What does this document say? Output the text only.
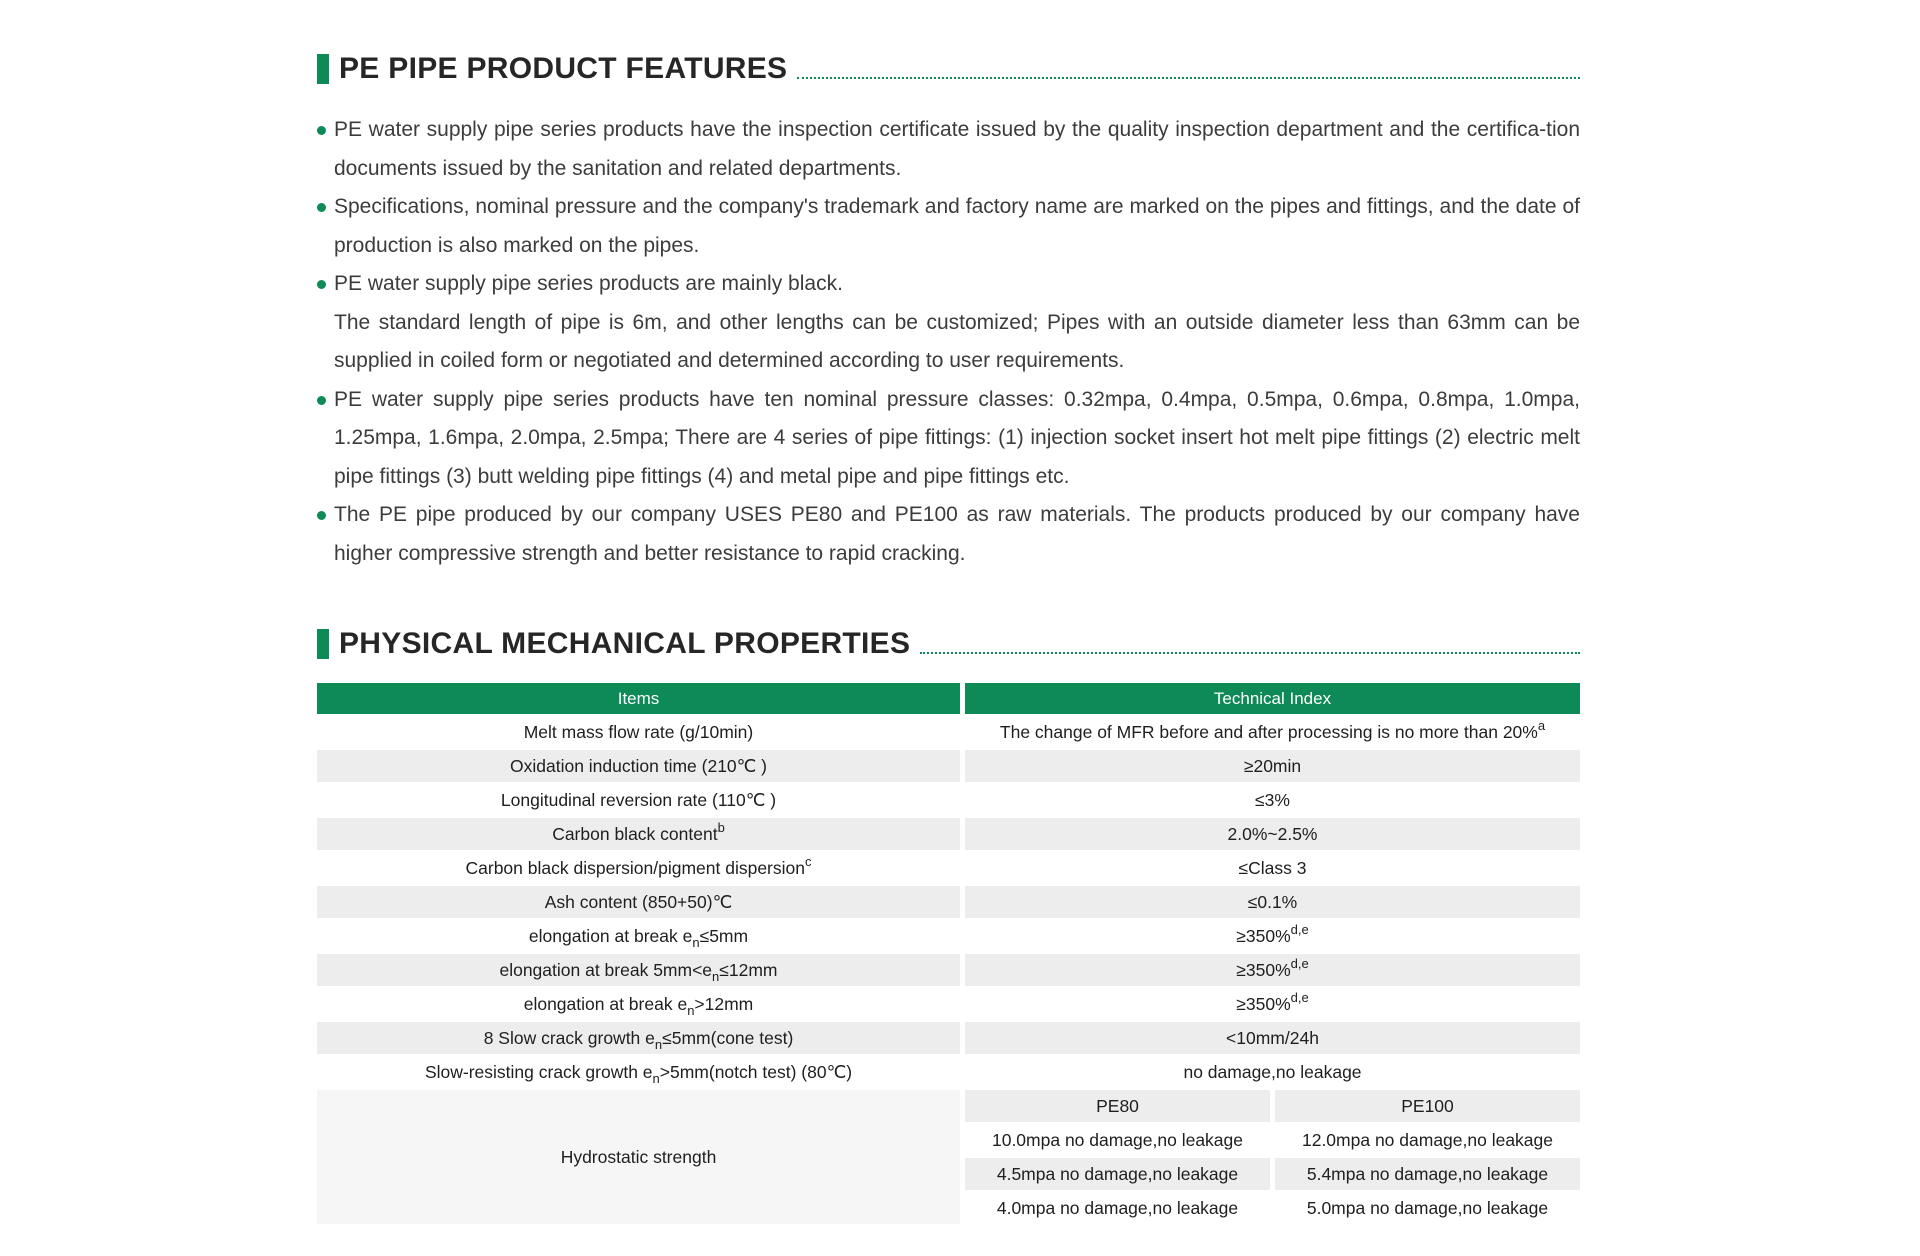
PE PIPE PRODUCT FEATURES

PE water supply pipe series products have the inspection certificate issued by the quality inspection department and the certifica-tion documents issued by the sanitation and related departments.

Specifications, nominal pressure and the company's trademark and factory name are marked on the pipes and fittings, and the date of production is also marked on the pipes.

PE water supply pipe series products are mainly black.

The standard length of pipe is 6m, and other lengths can be customized; Pipes with an outside diameter less than 63mm can be supplied in coiled form or negotiated and determined according to user requirements.

PE water supply pipe series products have ten nominal pressure classes: 0.32mpa, 0.4mpa, 0.5mpa, 0.6mpa, 0.8mpa, 1.0mpa, 1.25mpa, 1.6mpa, 2.0mpa, 2.5mpa; There are 4 series of pipe fittings: (1) injection socket insert hot melt pipe fittings (2) electric melt pipe fittings (3) butt welding pipe fittings (4) and metal pipe and pipe fittings etc.

The PE pipe produced by our company USES PE80 and PE100 as raw materials. The products produced by our company have higher compressive strength and better resistance to rapid cracking.

PHYSICAL MECHANICAL PROPERTIES
Items	Technical Index
Melt mass flow rate (g/10min)	The change of MFR before and after processing is no more than 20% a
Oxidation induction time (210℃ )	≥20min
Longitudinal reversion rate (110℃ )	≤3%
Carbon black content b	2.0%~2.5%
Carbon black dispersion/pigment dispersion c	≤Class 3
Ash content (850+50)℃	≤0.1%
elongation at break e n ≤5mm	≥350% d,e
elongation at break 5mm<e n ≤12mm	≥350% d,e
elongation at break e n >12mm	≥350% d,e
8 Slow crack growth e n ≤5mm(cone test)	<10mm/24h
Slow-resisting crack growth e n >5mm(notch test) (80℃)	no damage,no leakage
Hydrostatic strength
PE80	PE100
10.0mpa no damage,no leakage	12.0mpa no damage,no leakage
4.5mpa no damage,no leakage	5.4mpa no damage,no leakage
4.0mpa no damage,no leakage	5.0mpa no damage,no leakage
